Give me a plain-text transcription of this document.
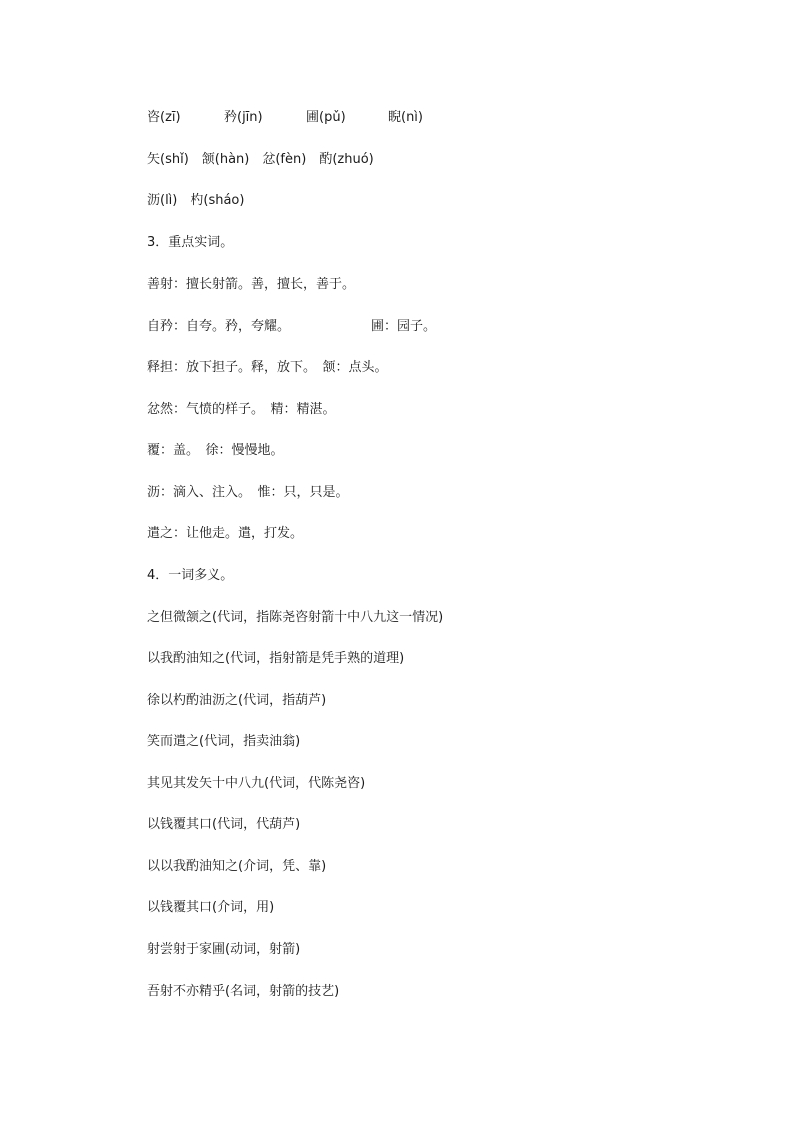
咨(zī)

	矜(jīn)

	圃(pǔ)

	睨(nì)

矢(shǐ)　颔(hàn)　忿(fèn)　酌(zhuó)
沥(lì)　杓(sháo)
3．重点实词。
善射：擅长射箭。善，擅长，善于。

自矜：自夸。矜，夸耀。

	圃：园子。

释担：放下担子。释，放下。　颔：点头。
忿然：气愤的样子。　精：精湛。
覆：盖。　徐：慢慢地。
沥：滴入、注入。　惟：只，只是。
遣之：让他走。遣，打发。
4．一词多义。
之但微颔之(代词，指陈尧咨射箭十中八九这一情况)
以我酌油知之(代词，指射箭是凭手熟的道理)
徐以杓酌油沥之(代词，指葫芦)
笑而遣之(代词，指卖油翁)
其见其发矢十中八九(代词，代陈尧咨)
以钱覆其口(代词，代葫芦)
以以我酌油知之(介词，凭、靠)
以钱覆其口(介词，用)
射尝射于家圃(动词，射箭)
吾射不亦精乎(名词，射箭的技艺)
